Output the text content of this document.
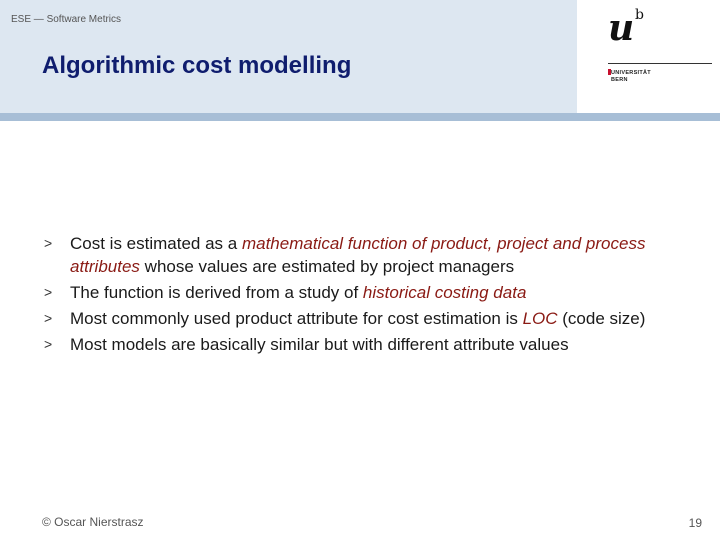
ESE — Software Metrics
Algorithmic cost modelling
u b
UNIVERSITÄT
BERN
> Cost is estimated as a mathematical function of product, project and process attributes whose values are estimated by project managers
> The function is derived from a study of historical costing data
> Most commonly used product attribute for cost estimation is LOC (code size)
> Most models are basically similar but with different attribute values
© Oscar Nierstrasz	19
